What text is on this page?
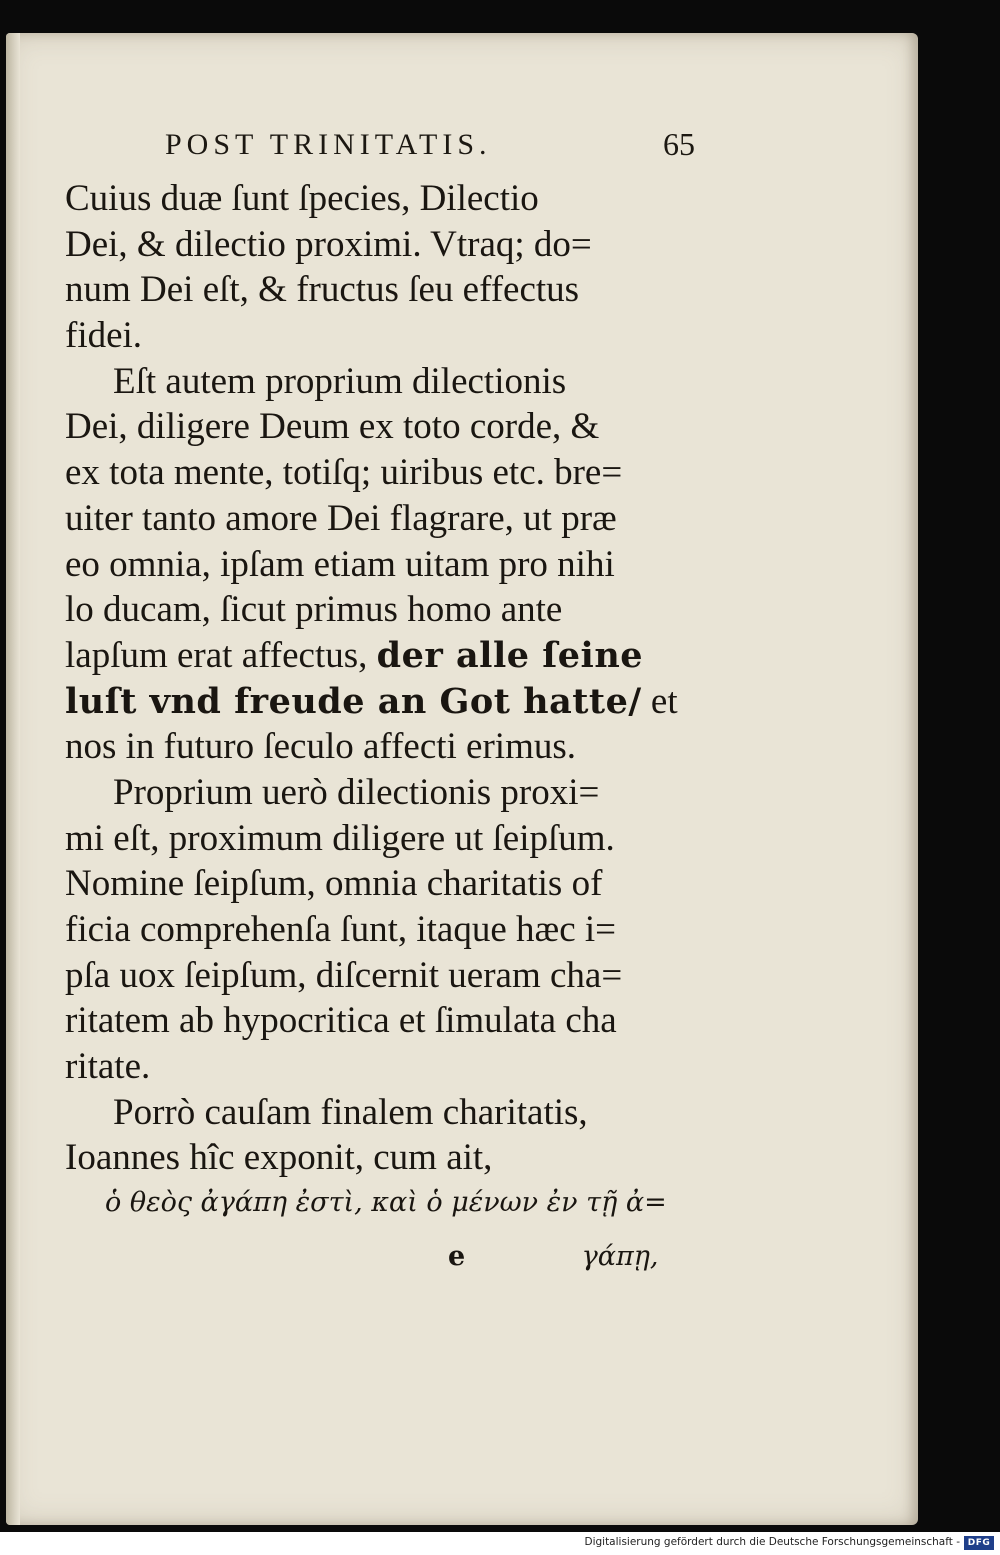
POST TRINITATIS.	65
Cuius duæ ſunt ſpecies, Dilectio
Dei, & dilectio proximi. Vtraq; do=
num Dei eſt, & fructus ſeu effectus
fidei.
Eſt autem proprium dilectionis
Dei, diligere Deum ex toto corde, &
ex tota mente, totiſq; uiribus etc. bre=
uiter tanto amore Dei flagrare, ut præ
eo omnia, ipſam etiam uitam pro nihi
lo ducam, ſicut primus homo ante
lapſum erat affectus, der alle ſeine
luſt vnd freude an Got hatte/ et
nos in futuro ſeculo affecti erimus.
Proprium uerò dilectionis proxi=
mi eſt, proximum diligere ut ſeipſum.
Nomine ſeipſum, omnia charitatis of
ficia comprehenſa ſunt, itaque hæc i=
pſa uox ſeipſum, diſcernit ueram cha=
ritatem ab hypocritica et ſimulata cha
ritate.
Porrò cauſam finalem charitatis,
Ioannes hîc exponit, cum ait,
ὁ θεὸς ἀγάπη ἐστὶ, καὶ ὁ μένων ἐν τῇ ἀ=
e	γάπῃ,
Digitalisierung gefördert durch die Deutsche Forschungsgemeinschaft - DFG
